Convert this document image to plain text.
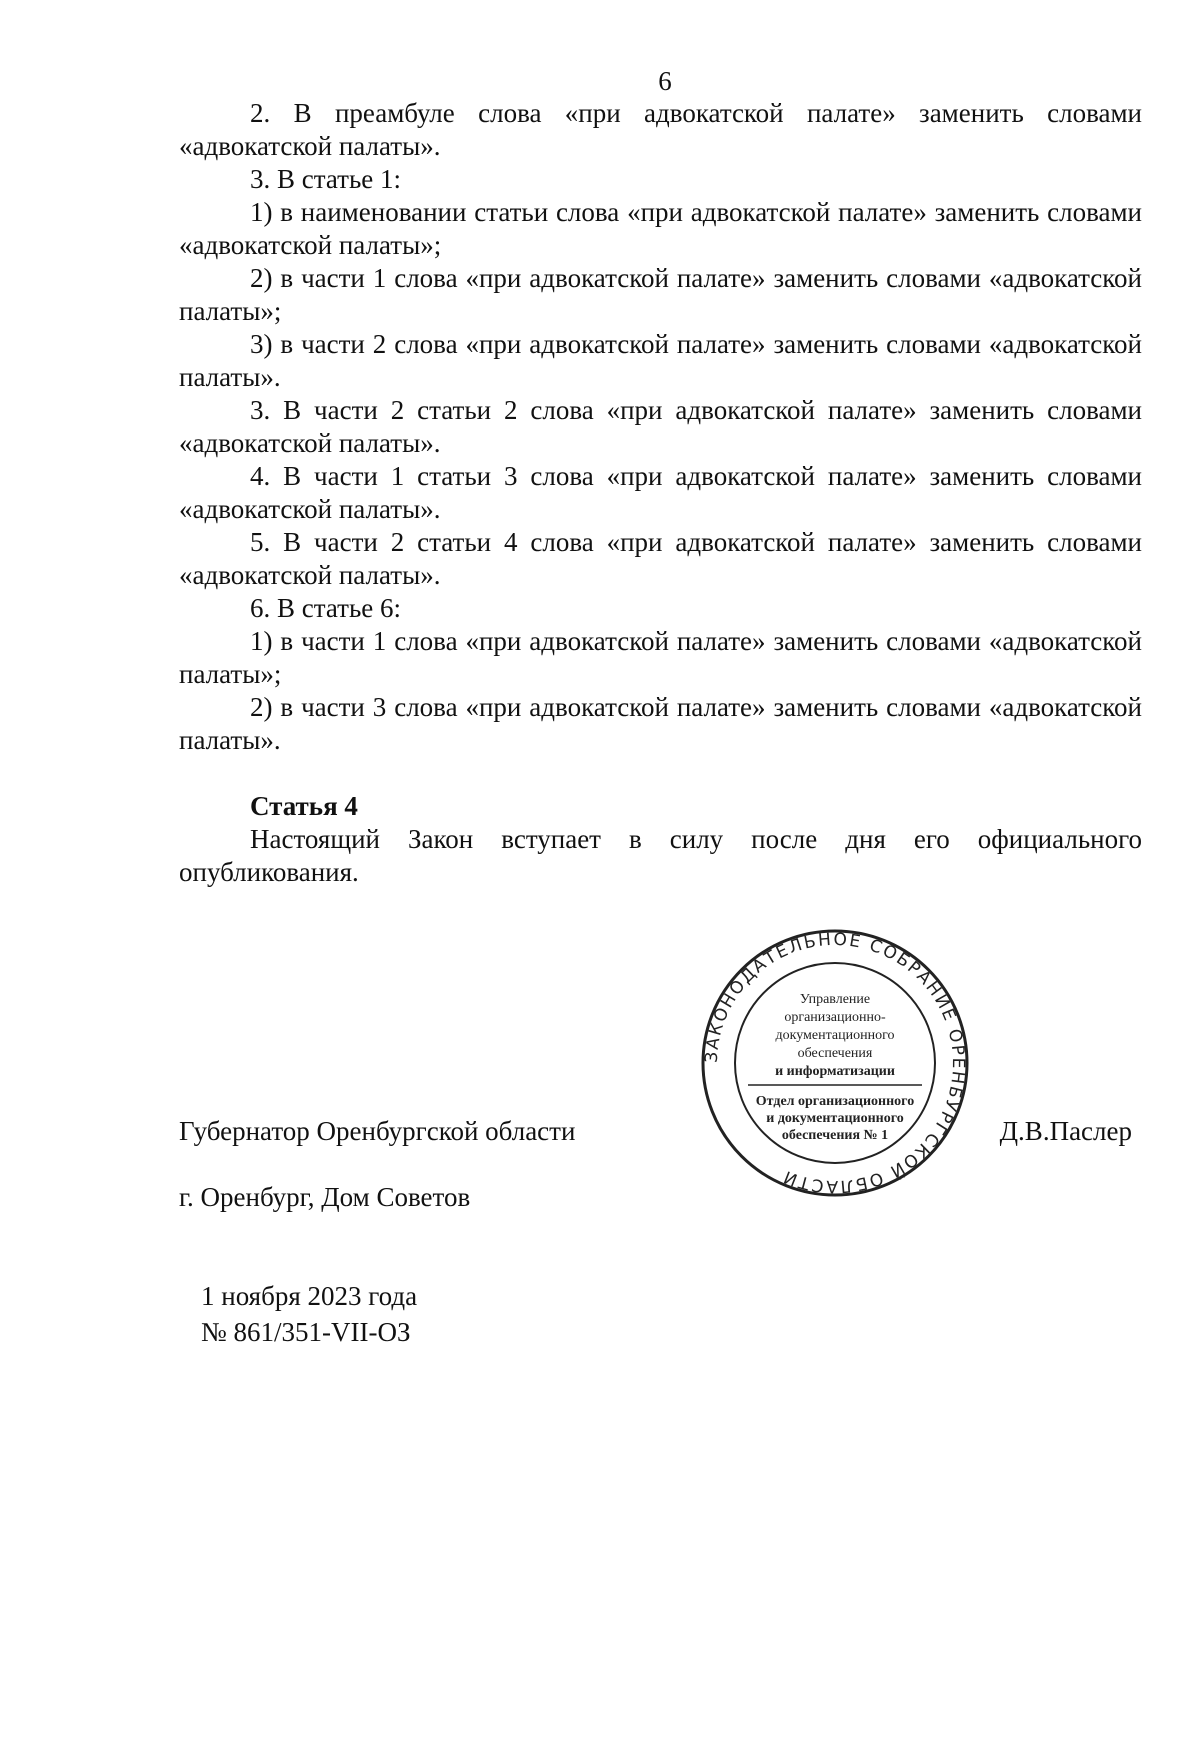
6

2. В преамбуле слова «при адвокатской палате» заменить словами «адвокатской палаты».

3. В статье 1:

1) в наименовании статьи слова «при адвокатской палате» заменить словами «адвокатской палаты»;

2) в части 1 слова «при адвокатской палате» заменить словами «адвокатской палаты»;

3) в части 2 слова «при адвокатской палате» заменить словами «адвокатской палаты».

3. В части 2 статьи 2 слова «при адвокатской палате» заменить словами «адвокатской палаты».

4. В части 1 статьи 3 слова «при адвокатской палате» заменить словами «адвокатской палаты».

5. В части 2 статьи 4 слова «при адвокатской палате» заменить словами «адвокатской палаты».

6. В статье 6:

1) в части 1 слова «при адвокатской палате» заменить словами «адвокатской палаты»;

2) в части 3 слова «при адвокатской палате» заменить словами «адвокатской палаты».

Статья 4

Настоящий Закон вступает в силу после дня его официального опубликования.

ЗАКОНОДАТЕЛЬНОЕ СОБРАНИЕ ОРЕНБУРГСКОЙ ОБЛАСТИ
Управление
организационно-
документационного
обеспечения
и информатизации
Отдел организационного
и документационного
обеспечения № 1
Губернатор Оренбургской области	Д.В.Паслер
г. Оренбург, Дом Советов
1 ноября 2023 года
№ 861/351-VII-ОЗ
